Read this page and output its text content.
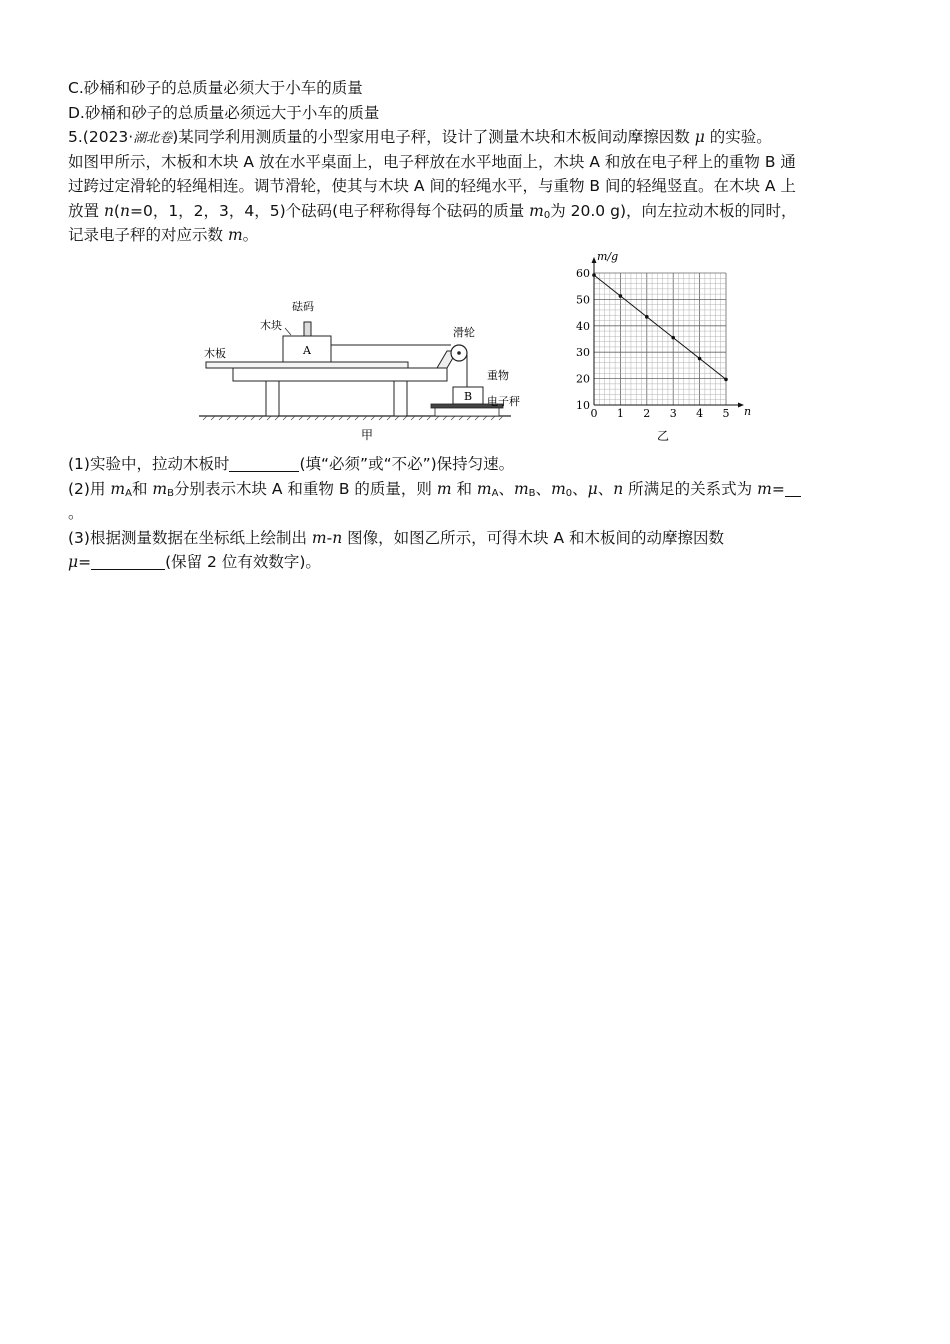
C.砂桶和砂子的总质量必须大于小车的质量
D.砂桶和砂子的总质量必须远大于小车的质量
5.(2023·湖北卷)某同学利用测质量的小型家用电子秤，设计了测量木块和木板间动摩擦因数 μ 的实验。
如图甲所示，木板和木块 A 放在水平桌面上，电子秤放在水平地面上，木块 A 和放在电子秤上的重物 B 通
过跨过定滑轮的轻绳相连。调节滑轮，使其与木块 A 间的轻绳水平，与重物 B 间的轻绳竖直。在木块 A 上
放置 n(n=0，1，2，3，4，5)个砝码(电子秤称得每个砝码的质量 $m_0$为 20.0 g)，向左拉动木板的同时，
记录电子秤的对应示数 m。
A
B
砝码
木块
木板
滑轮
重物
电子秤
甲
0 1 2 3 4 5
10
20
30
40
50
60
m/g
n
乙
(1)实验中，拉动木板时	(填“必须”或“不必”)保持匀速。
(2)用 $m_A$和 $m_B$分别表示木块 A 和重物 B 的质量，则 m 和 $m_A$、$m_B$、$m_0$、μ、n 所满足的关系式为 m=
。
(3)根据测量数据在坐标纸上绘制出 m-n 图像，如图乙所示，可得木块 A 和木板间的动摩擦因数
μ=	(保留 2 位有效数字)。
